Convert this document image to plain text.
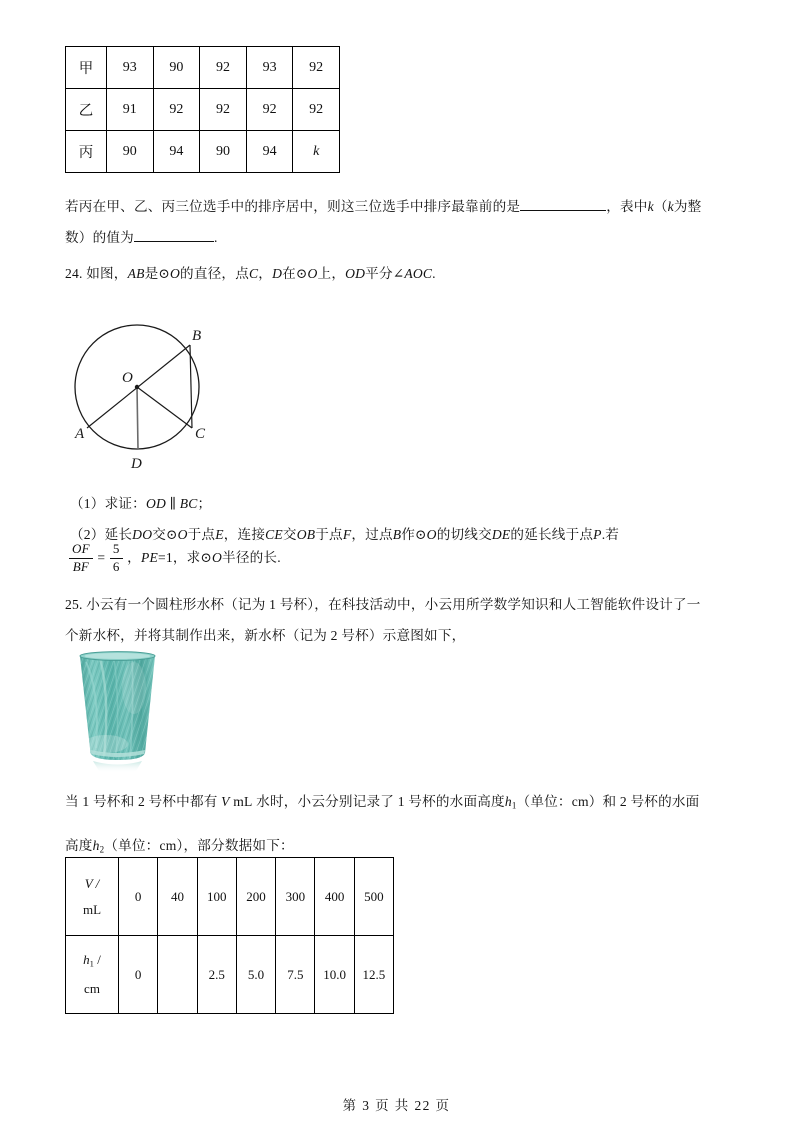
甲	93	90	92	93	92
乙	91	92	92	92	92
丙	90	94	90	94	k
若丙在甲、乙、丙三位选手中的排序居中，则这三位选手中排序最靠前的是	，表中k（k为整
数）的值为	.
24. 如图，AB是⊙O的直径，点C，D在⊙O上，OD平分∠AOC.
B
O
A	C
D
（1）求证：OD ∥ BC；
（2）延长DO交⊙O于点E，连接CE交OB于点F，过点B作⊙O的切线交DE的延长线于点P.若
$\frac{OF}{BF} = \frac{5}{6}$ ，PE=1，求⊙O半径的长.
25. 小云有一个圆柱形水杯（记为 1 号杯），在科技活动中，小云用所学数学知识和人工智能软件设计了一
个新水杯，并将其制作出来，新水杯（记为 2 号杯）示意图如下，
当 1 号杯和 2 号杯中都有 V mL 水时，小云分别记录了 1 号杯的水面高度$h_1$（单位：cm）和 2 号杯的水面
高度$h_2$（单位：cm），部分数据如下：
V /
mL	0	40	100	200	300	400	500

$h_1$ /
cm	0		2.5	5.0	7.5	10.0	12.5
第 3 页 共 22 页
